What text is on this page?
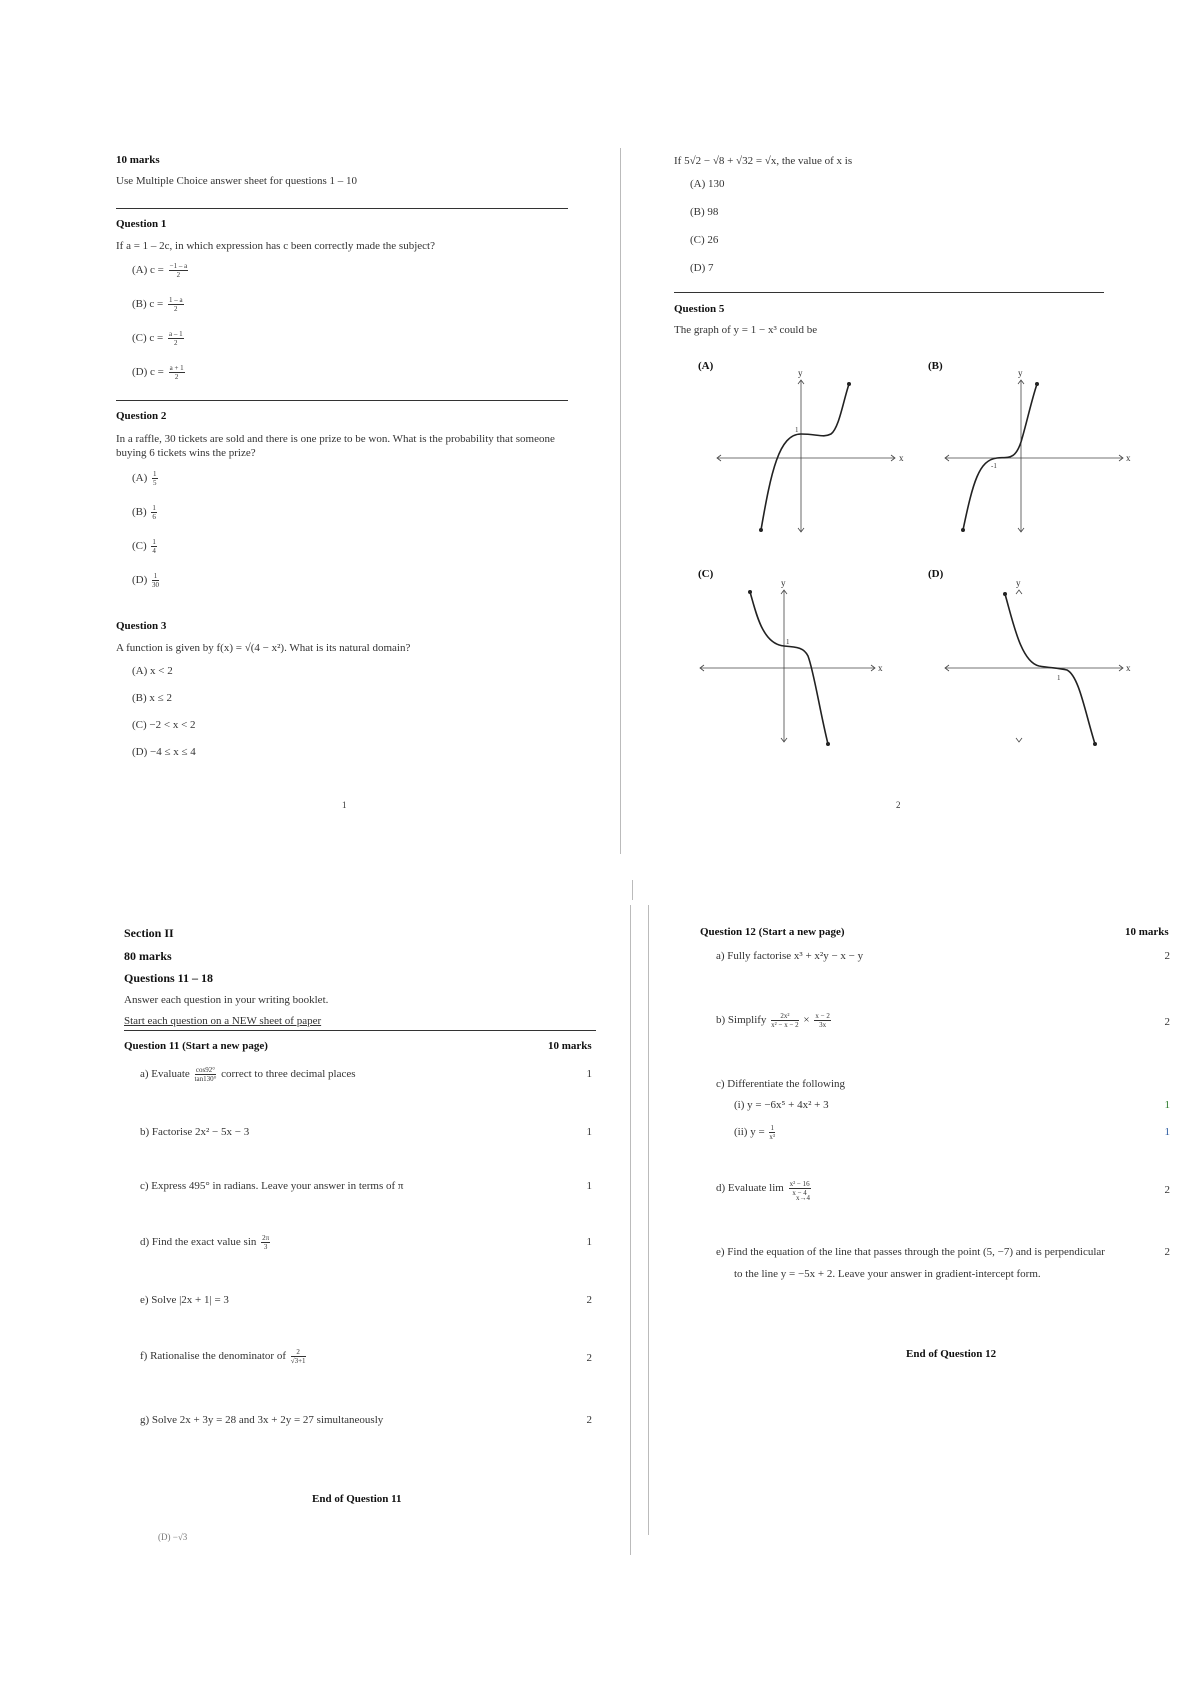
10 marks
Use Multiple Choice answer sheet for questions 1 – 10
Question 1
If a = 1 – 2c, in which expression has c been correctly made the subject?
(A) $c = \frac{-1 - a}{2}$
(B) $c = \frac{1 - a}{2}$
(C) $c = \frac{a - 1}{2}$
(D) $c = \frac{a + 1}{2}$
Question 2
In a raffle, 30 tickets are sold and there is one prize to be won. What is the probability that someone buying 6 tickets wins the prize?
$(A) \frac{1}{5}$
$(B) \frac{1}{6}$
$(C) \frac{1}{4}$
$(D) \frac{1}{30}$
Question 3
A function is given by f(x) = √(4 − x²). What is its natural domain?
(A) x < 2
(B) x ≤ 2
(C) −2 < x < 2
(D) −4 ≤ x ≤ 4
1
If 5√2 − √8 + √32 = √x, the value of x is
(A) 130
(B) 98
(C) 26
(D) 7
Question 5
The graph of y = 1 − x³ could be
(A)	(B)
(C)	(D)
x
y
1
x
y
-1
x
y
1
x
y
1
2
Section II
80 marks
Questions 11 – 18
Answer each question in your writing booklet.
Start each question on a NEW sheet of paper
Question 11 (Start a new page)	10 marks
a) Evaluate $\frac{\cos 92^\circ}{\tan 130^\circ}$ correct to three decimal places	1
b) Factorise 2x² − 5x − 3	1
c) Express 495° in radians. Leave your answer in terms of π	1
d) Find the exact value $\sin \frac{2\pi}{3}$	1
e) Solve |2x + 1| = 3	2
f) Rationalise the denominator of $\frac{2}{√3+1}$	2
g) Solve 2x + 3y = 28 and 3x + 2y = 27 simultaneously	2
End of Question 11
(D) −√3
Question 12 (Start a new page)	10 marks
a) Fully factorise x³ + x²y − x − y	2
b) Simplify $\frac{\text{2x²}}{\text{x² − x − 2}} \times \frac{x - 2}{3x}$	2
c) Differentiate the following
(i) y = −6x⁵ + 4x² + 3	1
(ii) $y = \frac{1}{\text{x³}}$	1
d) Evaluate $\lim \frac{\text{x² − 16}}{x - 4}$
x→4
2
e) Find the equation of the line that passes through the point (5, −7) and is perpendicular
to the line y = −5x + 2. Leave your answer in gradient-intercept form.
2
End of Question 12
